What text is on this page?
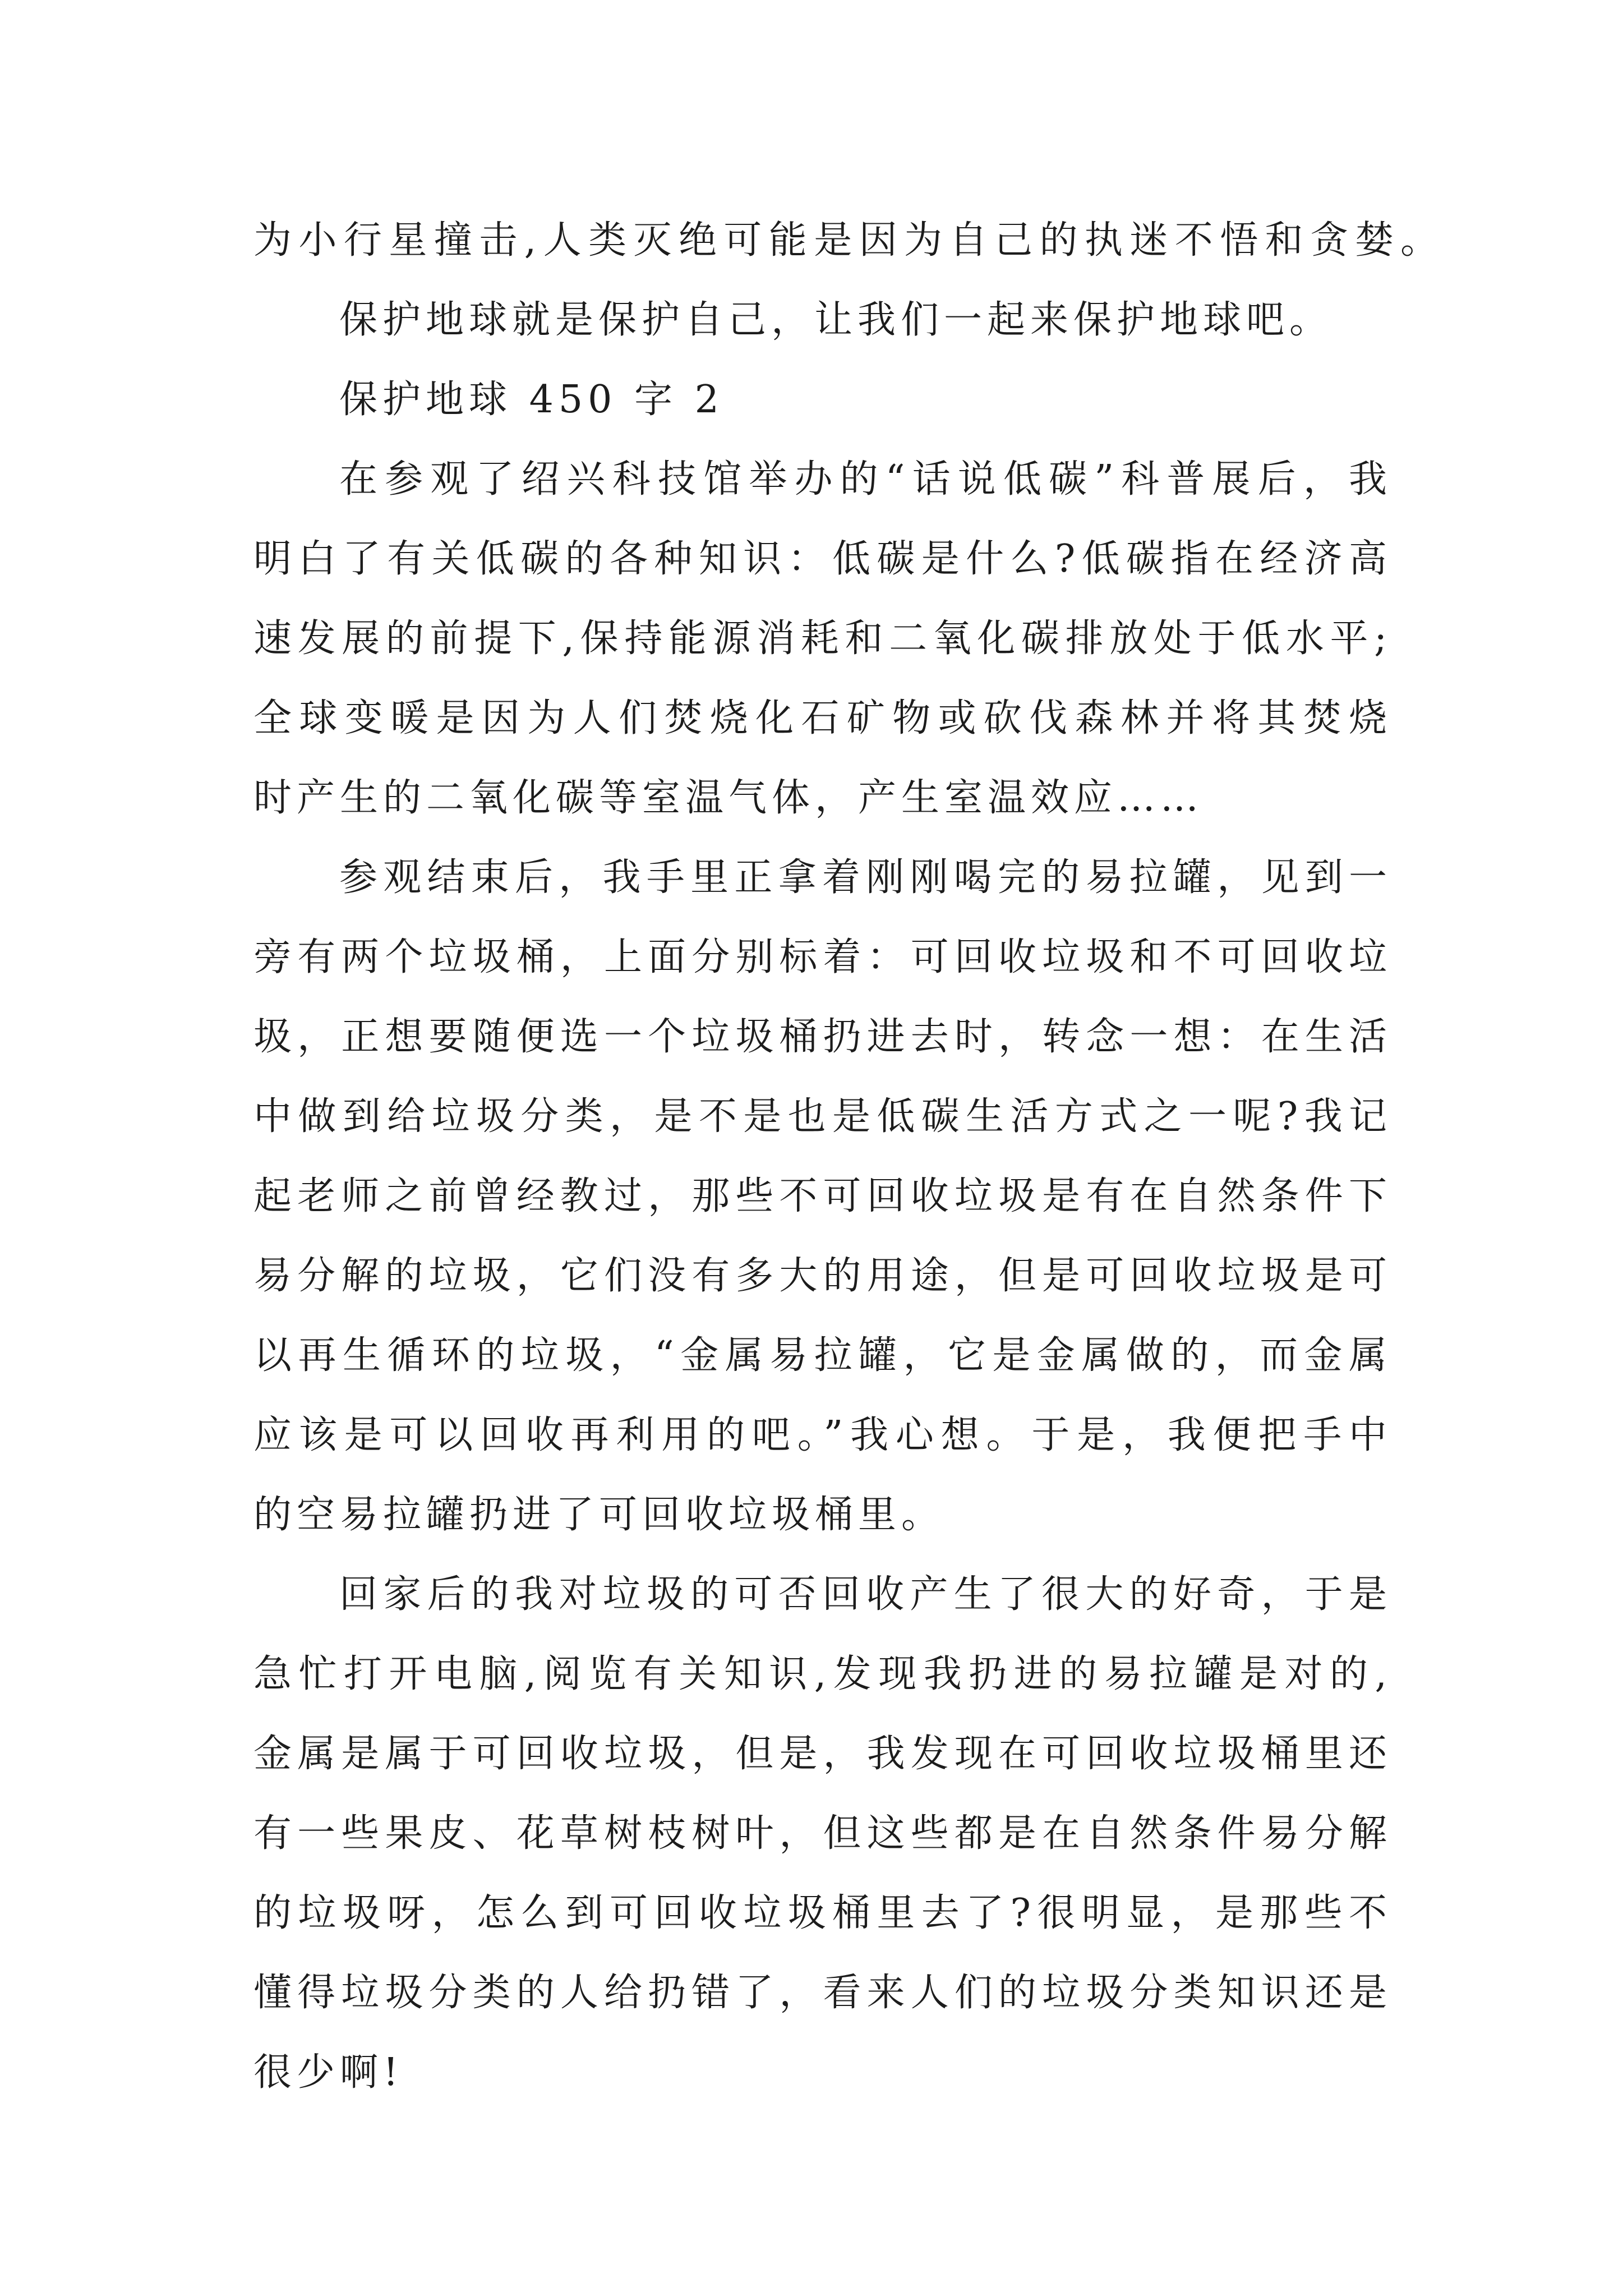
为小行星撞击,人类灭绝可能是因为自己的执迷不悟和贪婪。
保护地球就是保护自己，让我们一起来保护地球吧。
保护地球 450 字 2
在参观了绍兴科技馆举办的“话说低碳”科普展后，我
明白了有关低碳的各种知识：低碳是什么?低碳指在经济高
速发展的前提下,保持能源消耗和二氧化碳排放处于低水平;
全球变暖是因为人们焚烧化石矿物或砍伐森林并将其焚烧
时产生的二氧化碳等室温气体，产生室温效应……
参观结束后，我手里正拿着刚刚喝完的易拉罐，见到一
旁有两个垃圾桶，上面分别标着：可回收垃圾和不可回收垃
圾，正想要随便选一个垃圾桶扔进去时，转念一想：在生活
中做到给垃圾分类，是不是也是低碳生活方式之一呢?我记
起老师之前曾经教过，那些不可回收垃圾是有在自然条件下
易分解的垃圾，它们没有多大的用途，但是可回收垃圾是可
以再生循环的垃圾，“金属易拉罐，它是金属做的，而金属
应该是可以回收再利用的吧。”我心想。于是，我便把手中
的空易拉罐扔进了可回收垃圾桶里。
回家后的我对垃圾的可否回收产生了很大的好奇，于是
急忙打开电脑,阅览有关知识,发现我扔进的易拉罐是对的,
金属是属于可回收垃圾，但是，我发现在可回收垃圾桶里还
有一些果皮、花草树枝树叶，但这些都是在自然条件易分解
的垃圾呀，怎么到可回收垃圾桶里去了?很明显，是那些不
懂得垃圾分类的人给扔错了，看来人们的垃圾分类知识还是
很少啊!
